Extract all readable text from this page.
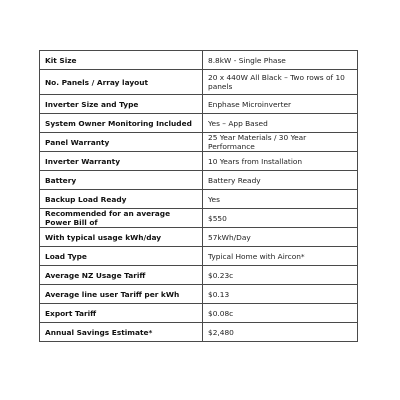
Kit Size	8.8kW - Single Phase
No. Panels / Array layout	20 x 440W All Black – Two rows of 10 panels
Inverter Size and Type	Enphase Microinverter
System Owner Monitoring Included	Yes – App Based
Panel Warranty	25 Year Materials / 30 Year Performance
Inverter Warranty	10 Years from Installation
Battery	Battery Ready
Backup Load Ready	Yes
Recommended for an average Power Bill of	$550
With typical usage kWh/day	57kWh/Day
Load Type	Typical Home with Aircon*
Average NZ Usage Tariff	$0.23c
Average line user Tariff per kWh	$0.13
Export Tariff	$0.08c
Annual Savings Estimate*	$2,480
